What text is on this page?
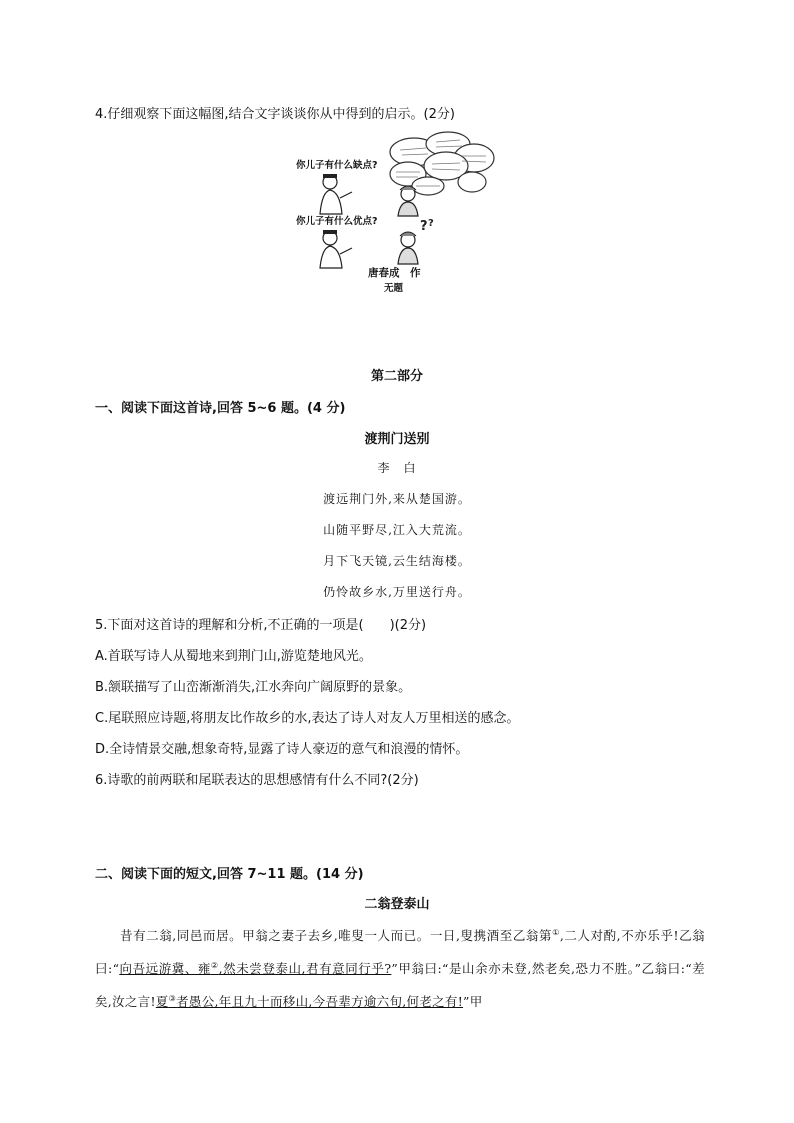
4.仔细观察下面这幅图,结合文字谈谈你从中得到的启示。(2分)
你儿子有什么缺点?
你儿子有什么优点?	? ?
唐春成　作
无题
第二部分
一、阅读下面这首诗,回答 5~6 题。(4 分)
渡荆门送别
李　白
渡远荆门外,来从楚国游。
山随平野尽,江入大荒流。
月下飞天镜,云生结海楼。
仍怜故乡水,万里送行舟。
5.下面对这首诗的理解和分析,不正确的一项是(　　)(2分)
A.首联写诗人从蜀地来到荆门山,游览楚地风光。
B.颔联描写了山峦渐渐消失,江水奔向广阔原野的景象。
C.尾联照应诗题,将朋友比作故乡的水,表达了诗人对友人万里相送的感念。
D.全诗情景交融,想象奇特,显露了诗人豪迈的意气和浪漫的情怀。
6.诗歌的前两联和尾联表达的思想感情有什么不同?(2分)
二、阅读下面的短文,回答 7~11 题。(14 分)
二翁登泰山
昔有二翁,同邑而居。甲翁之妻子去乡,唯叟一人而已。一日,叟携酒至乙翁第①,二人对酌,不亦乐乎!乙翁曰:“向吾远游冀、雍②,然未尝登泰山,君有意同行乎?”甲翁曰:“是山余亦未登,然老矣,恐力不胜。”乙翁曰:“差矣,汝之言!夏③者愚公,年且九十而移山,今吾辈方逾六旬,何老之有!”甲
